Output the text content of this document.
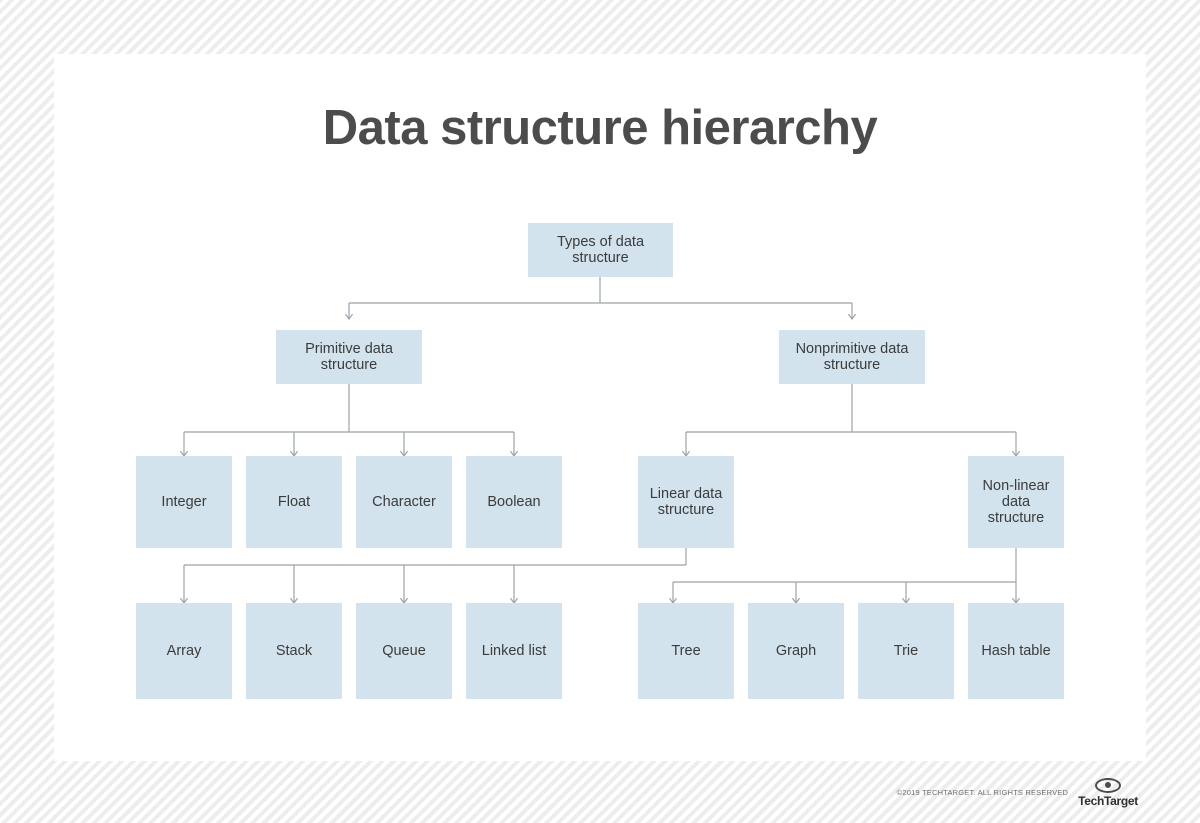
Data structure hierarchy
Types of data structure
Primitive data structure
Nonprimitive data structure
Integer	Float	Character	Boolean	Linear data structure
Non-linear data structure
Array	Stack	Queue	Linked list	Tree	Graph	Trie	Hash table
©2019 TECHTARGET. ALL RIGHTS RESERVED
TechTarget
